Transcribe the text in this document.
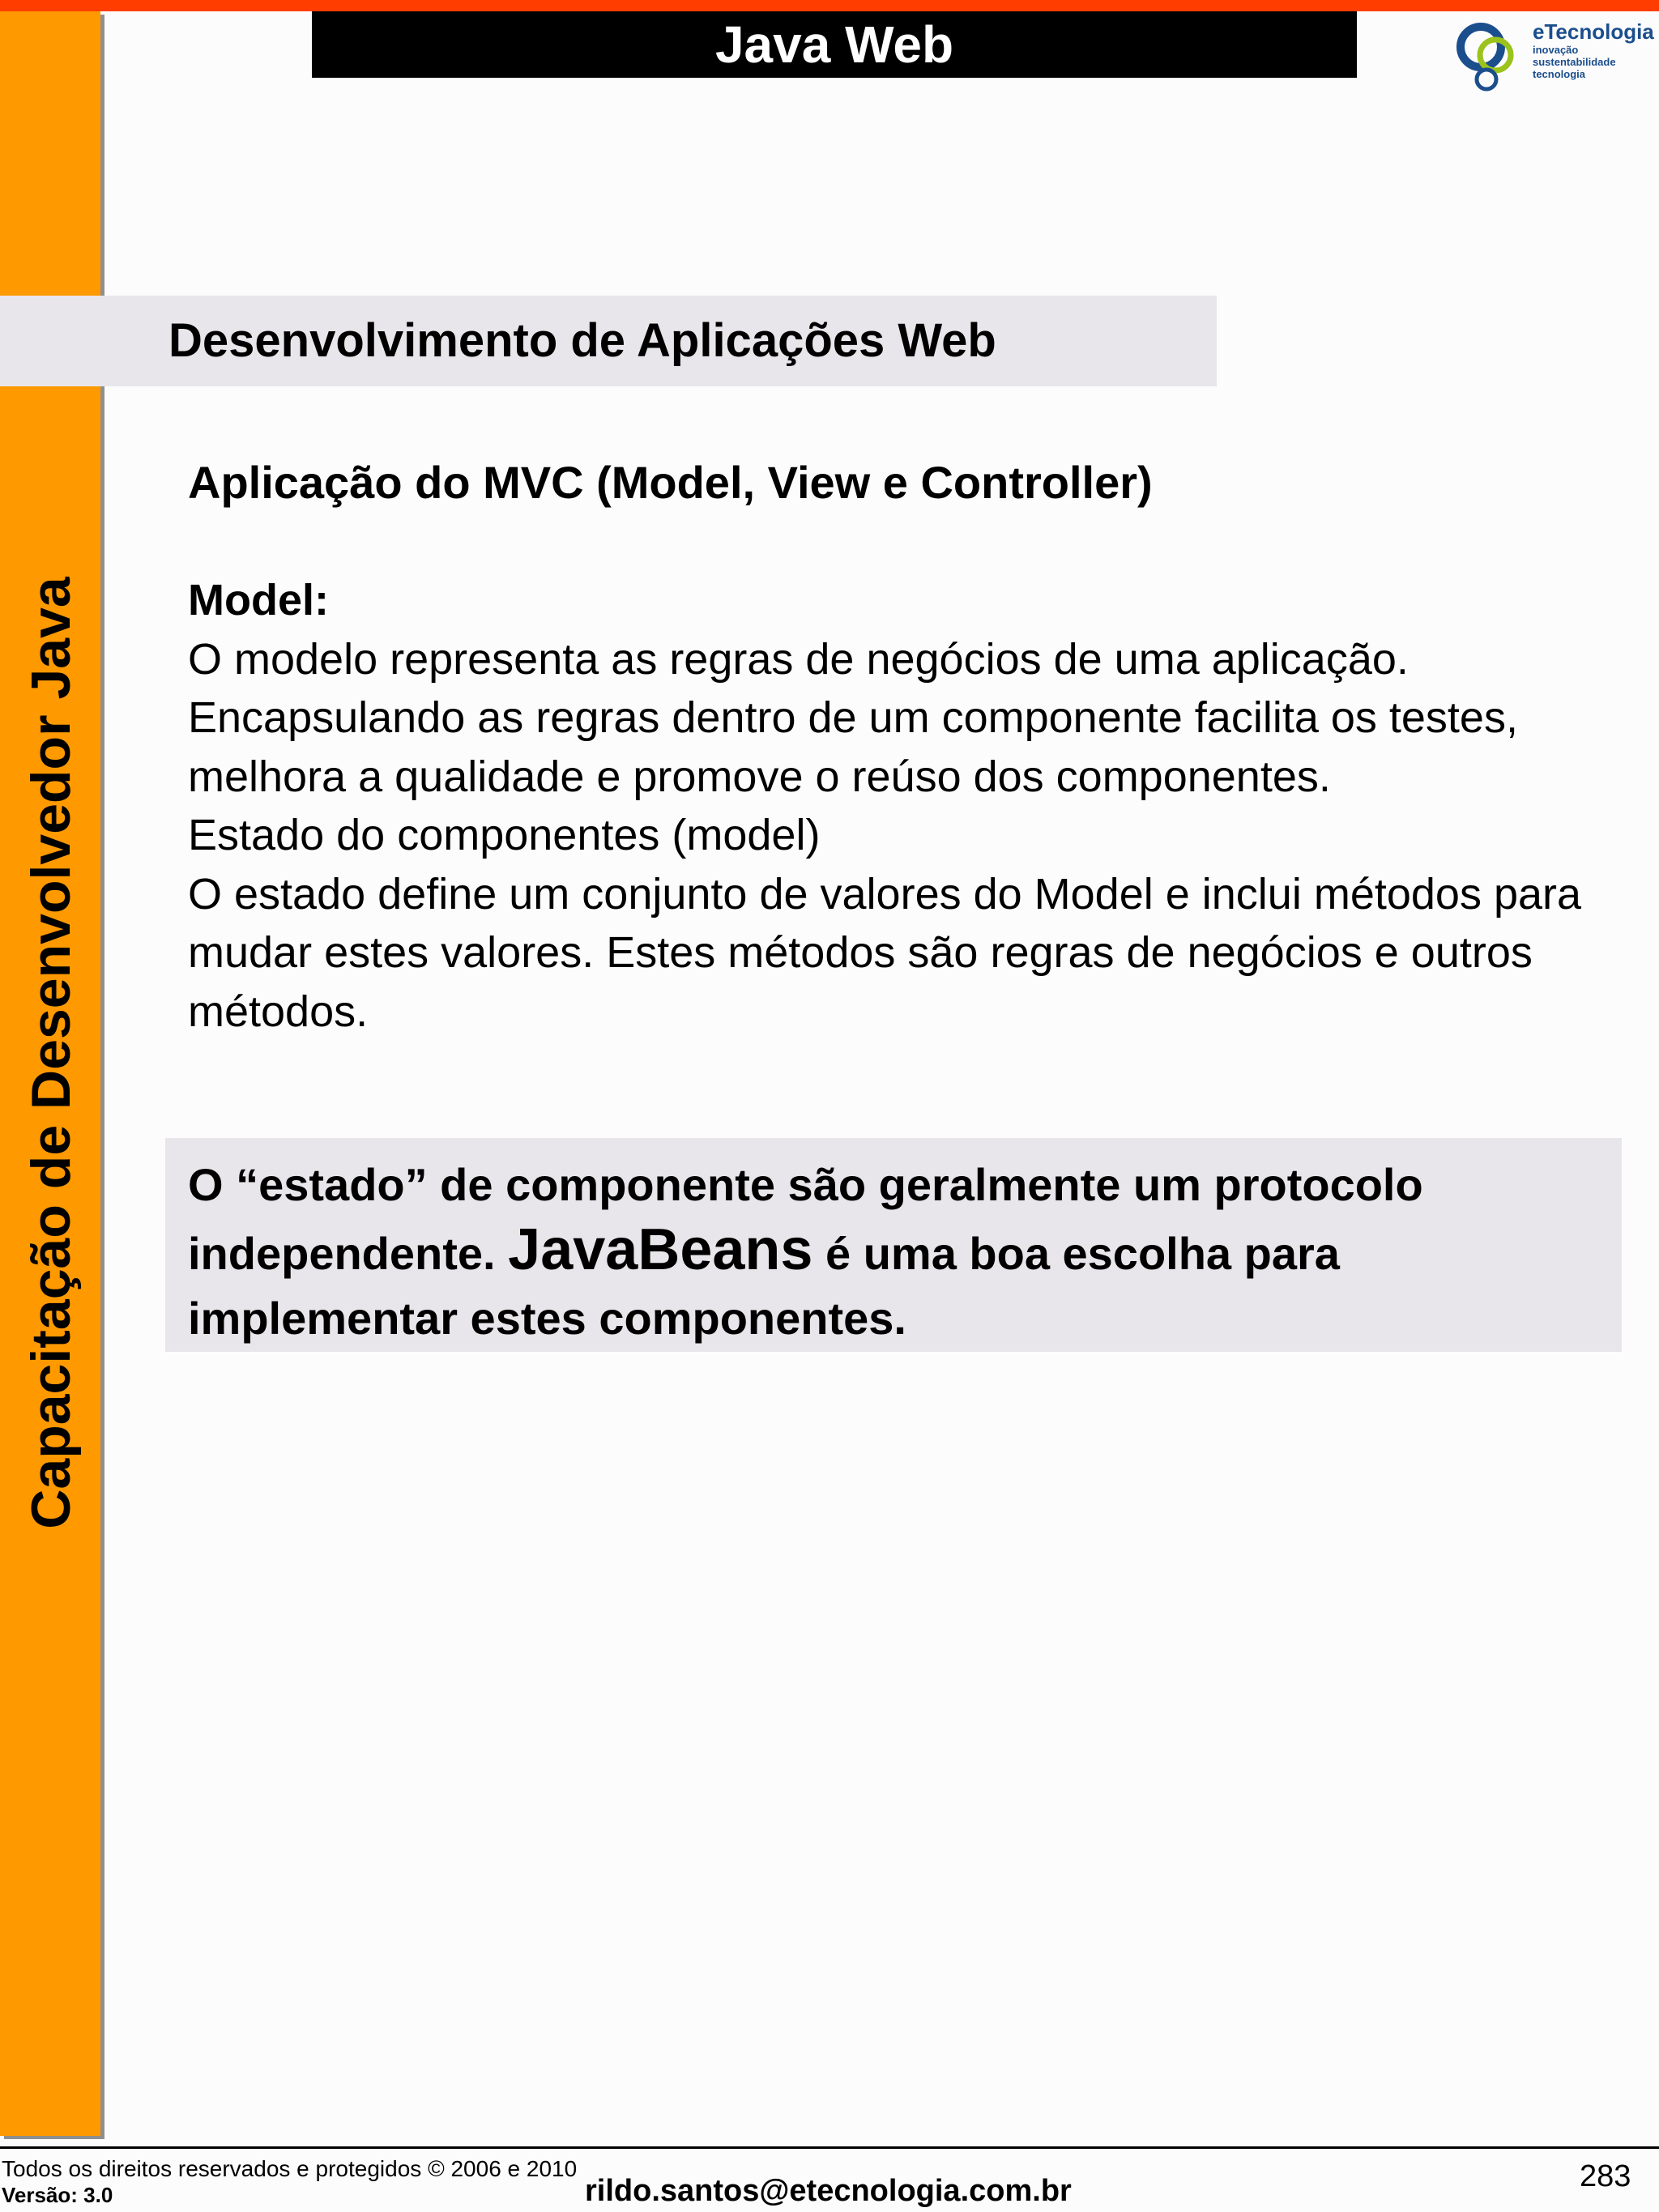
Capacitação de Desenvolvedor Java
Java Web	eTecnologia
inovação
sustentabilidade
tecnologia
Desenvolvimento de Aplicações Web
Aplicação do MVC (Model, View e Controller)
Model:

O modelo representa as regras de negócios de uma aplicação. Encapsulando as regras dentro de um componente facilita os testes, melhora a qualidade e promove o reúso dos componentes.

Estado do componentes (model)

O estado define um conjunto de valores do Model e inclui métodos para mudar estes valores. Estes métodos são regras de negócios e outros métodos.

O “estado” de componente são geralmente um protocolo independente. JavaBeans é uma boa escolha para implementar estes componentes.
Todos os direitos reservados e protegidos © 2006 e 2010
Versão: 3.0	rildo.santos@etecnologia.com.br	283
